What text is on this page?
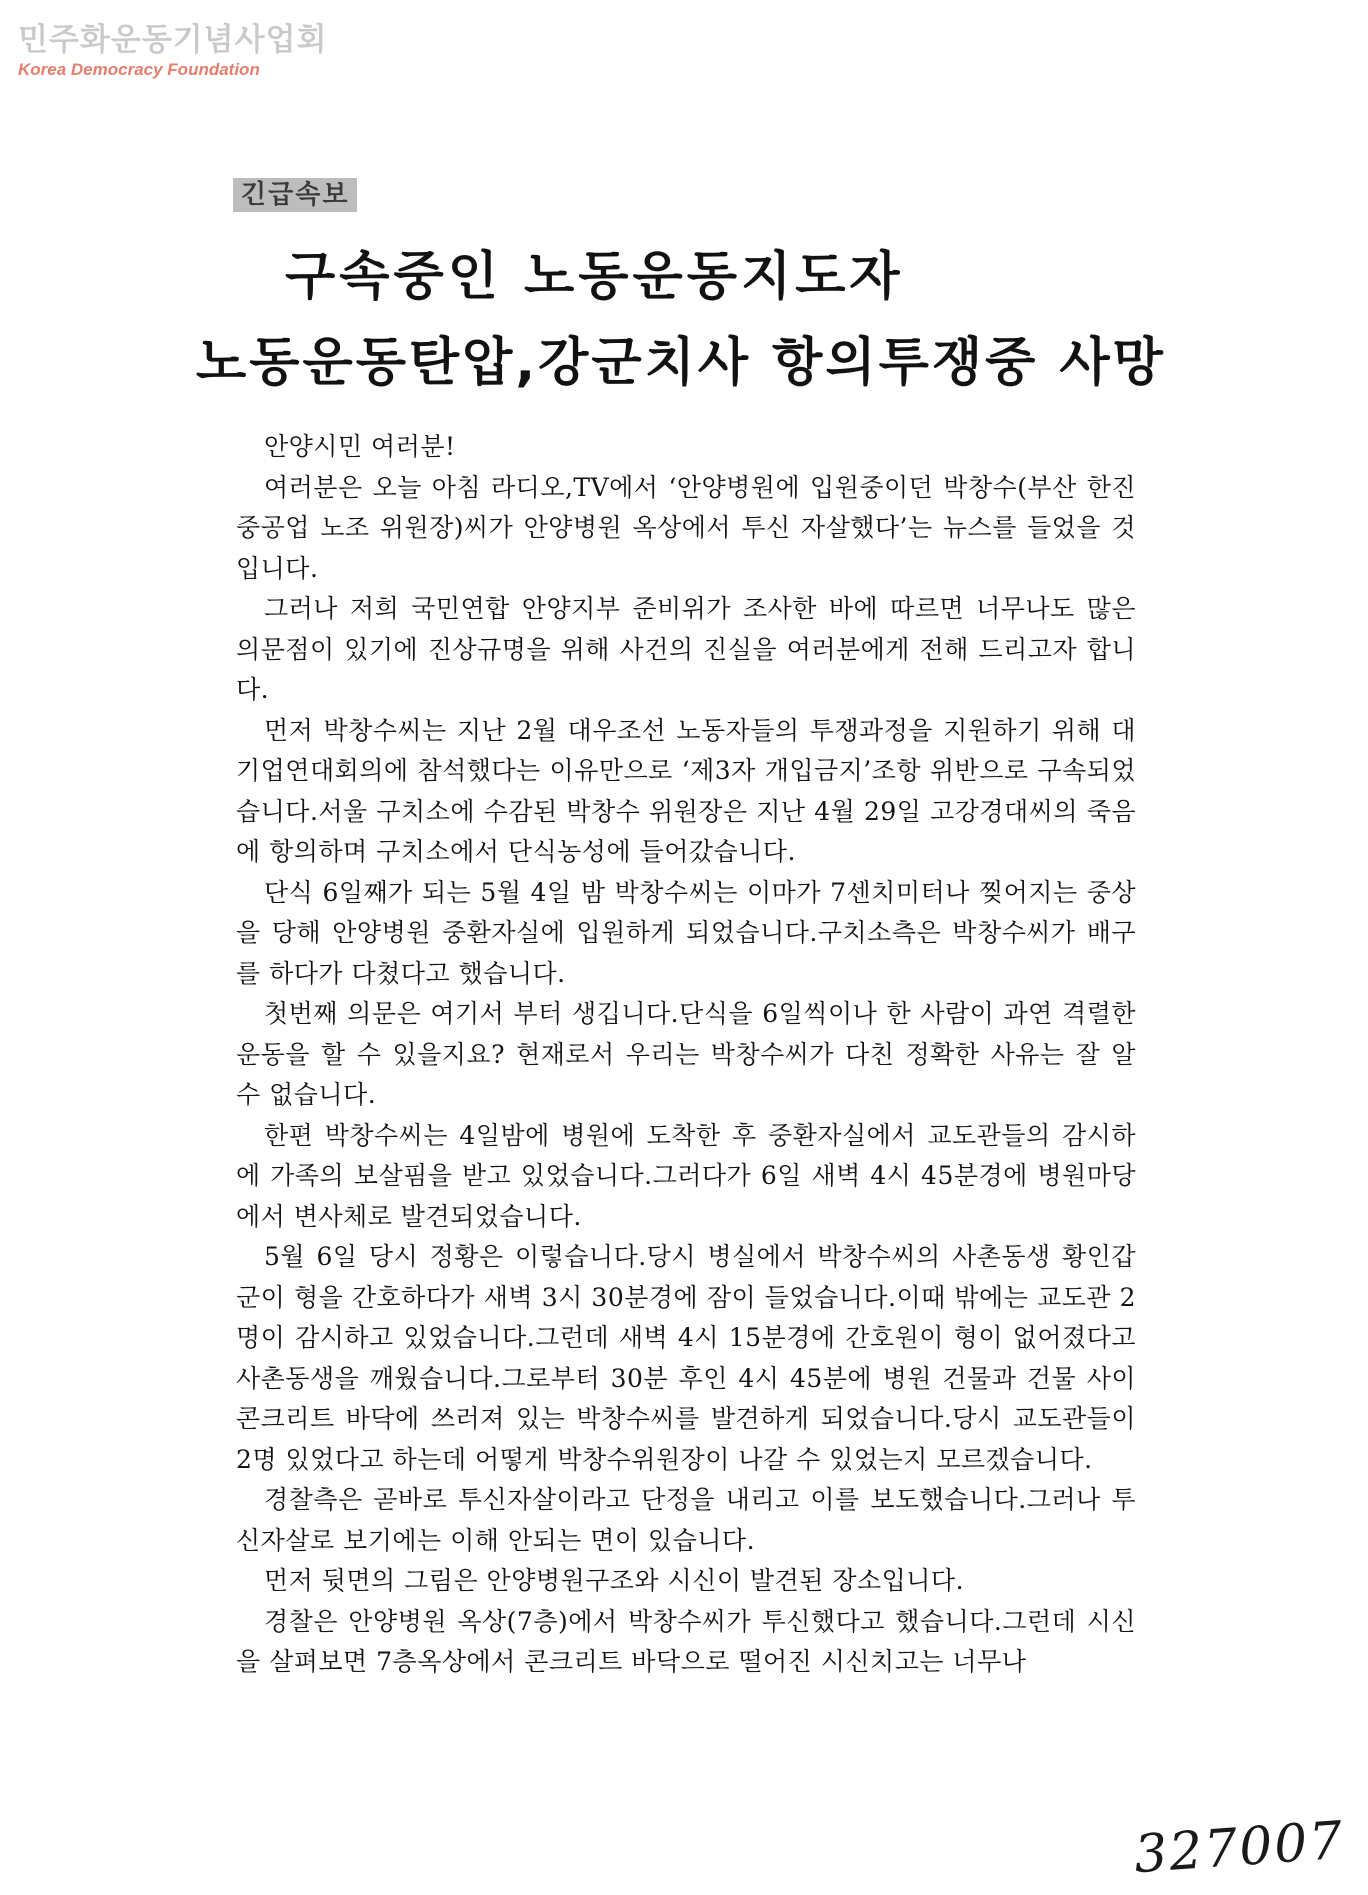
민주화운동기념사업회
Korea Democracy Foundation
긴급속보
구속중인 노동운동지도자
노동운동탄압,강군치사 항의투쟁중 사망

안양시민 여러분!

여러분은 오늘 아침 라디오,TV에서 ‘안양병원에 입원중이던 박창수(부산 한진 중공업 노조 위원장)씨가 안양병원 옥상에서 투신 자살했다’는 뉴스를 들었을 것입니다.

그러나 저희 국민연합 안양지부 준비위가 조사한 바에 따르면 너무나도 많은 의문점이 있기에 진상규명을 위해 사건의 진실을 여러분에게 전해 드리고자 합니다.

먼저 박창수씨는 지난 2월 대우조선 노동자들의 투쟁과정을 지원하기 위해 대기업연대회의에 참석했다는 이유만으로 ‘제3자 개입금지’조항 위반으로 구속되었습니다.서울 구치소에 수감된 박창수 위원장은 지난 4월 29일 고강경대씨의 죽음에 항의하며 구치소에서 단식농성에 들어갔습니다.

단식 6일째가 되는 5월 4일 밤 박창수씨는 이마가 7센치미터나 찢어지는 중상을 당해 안양병원 중환자실에 입원하게 되었습니다.구치소측은 박창수씨가 배구를 하다가 다쳤다고 했습니다.

첫번째 의문은 여기서 부터 생깁니다.단식을 6일씩이나 한 사람이 과연 격렬한 운동을 할 수 있을지요? 현재로서 우리는 박창수씨가 다친 정확한 사유는 잘 알 수 없습니다.

한편 박창수씨는 4일밤에 병원에 도착한 후 중환자실에서 교도관들의 감시하에 가족의 보살핌을 받고 있었습니다.그러다가 6일 새벽 4시 45분경에 병원마당에서 변사체로 발견되었습니다.

5월 6일 당시 정황은 이렇습니다.당시 병실에서 박창수씨의 사촌동생 황인갑군이 형을 간호하다가 새벽 3시 30분경에 잠이 들었습니다.이때 밖에는 교도관 2명이 감시하고 있었습니다.그런데 새벽 4시 15분경에 간호원이 형이 없어졌다고 사촌동생을 깨웠습니다.그로부터 30분 후인 4시 45분에 병원 건물과 건물 사이 콘크리트 바닥에 쓰러져 있는 박창수씨를 발견하게 되었습니다.당시 교도관들이 2명 있었다고 하는데 어떻게 박창수위원장이 나갈 수 있었는지 모르겠습니다.

경찰측은 곧바로 투신자살이라고 단정을 내리고 이를 보도했습니다.그러나 투신자살로 보기에는 이해 안되는 면이 있습니다.

먼저 뒷면의 그림은 안양병원구조와 시신이 발견된 장소입니다.

경찰은 안양병원 옥상(7층)에서 박창수씨가 투신했다고 했습니다.그런데 시신을 살펴보면 7층옥상에서 콘크리트 바닥으로 떨어진 시신치고는 너무나

327007
